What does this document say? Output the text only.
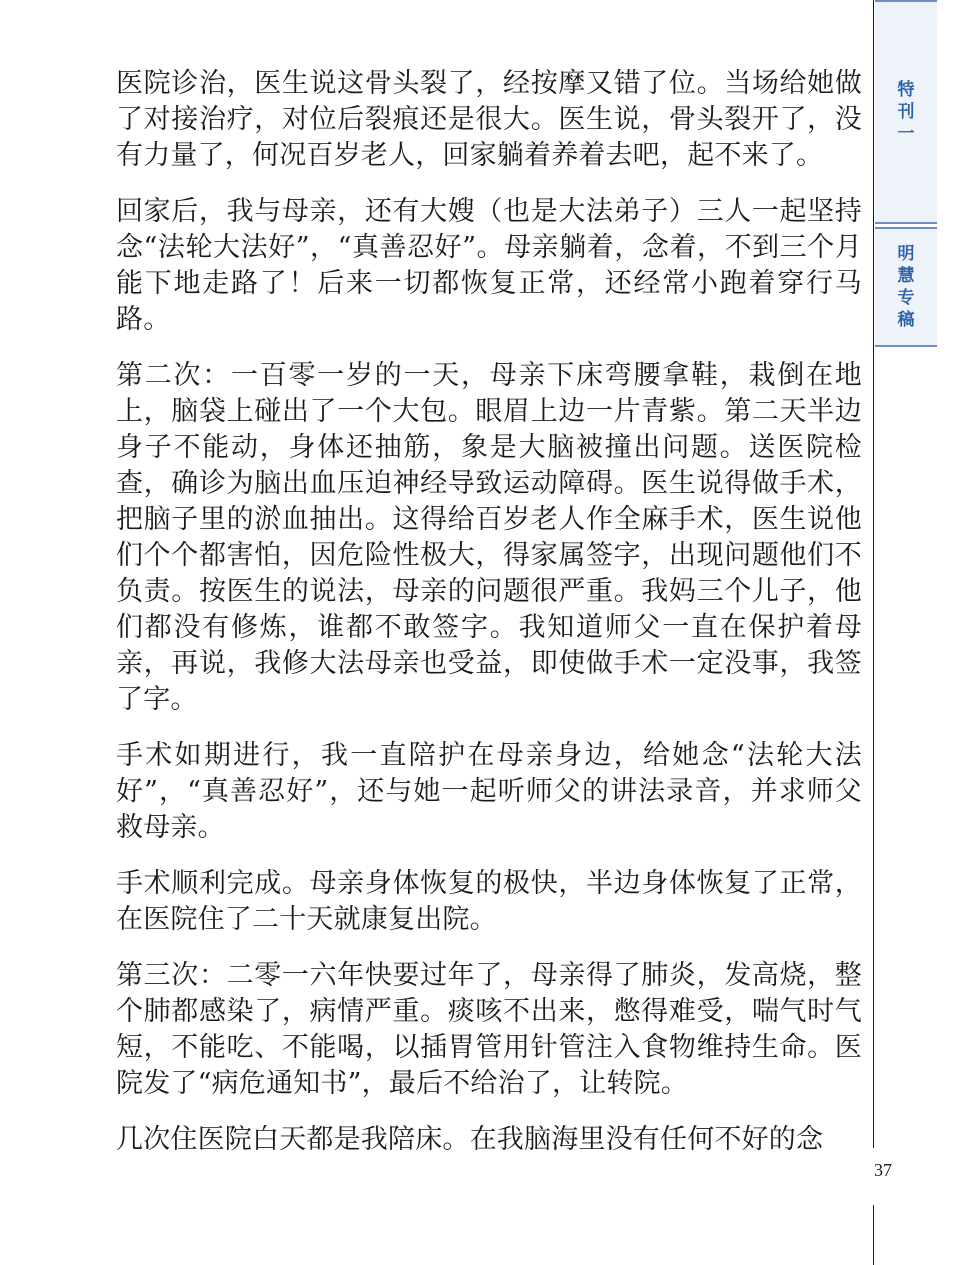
医院诊治，医生说这骨头裂了，经按摩又错了位。当场给她做了对接治疗，对位后裂痕还是很大。医生说，骨头裂开了，没有力量了，何况百岁老人，回家躺着养着去吧，起不来了。

回家后，我与母亲，还有大嫂（也是大法弟子）三人一起坚持念“法轮大法好”，“真善忍好”。母亲躺着，念着，不到三个月能下地走路了！后来一切都恢复正常，还经常小跑着穿行马路。

第二次：一百零一岁的一天，母亲下床弯腰拿鞋，栽倒在地上，脑袋上碰出了一个大包。眼眉上边一片青紫。第二天半边身子不能动，身体还抽筋，象是大脑被撞出问题。送医院检查，确诊为脑出血压迫神经导致运动障碍。医生说得做手术，把脑子里的淤血抽出。这得给百岁老人作全麻手术，医生说他们个个都害怕，因危险性极大，得家属签字，出现问题他们不负责。按医生的说法，母亲的问题很严重。我妈三个儿子，他们都没有修炼，谁都不敢签字。我知道师父一直在保护着母亲，再说，我修大法母亲也受益，即使做手术一定没事，我签了字。

手术如期进行，我一直陪护在母亲身边，给她念“法轮大法好”，“真善忍好”，还与她一起听师父的讲法录音，并求师父救母亲。

手术顺利完成。母亲身体恢复的极快，半边身体恢复了正常，在医院住了二十天就康复出院。

第三次：二零一六年快要过年了，母亲得了肺炎，发高烧，整个肺都感染了，病情严重。痰咳不出来，憋得难受，喘气时气短，不能吃、不能喝，以插胃管用针管注入食物维持生命。医院发了“病危通知书”，最后不给治了，让转院。

几次住医院白天都是我陪床。在我脑海里没有任何不好的念

特
刊
一
明
慧
专
稿
37
